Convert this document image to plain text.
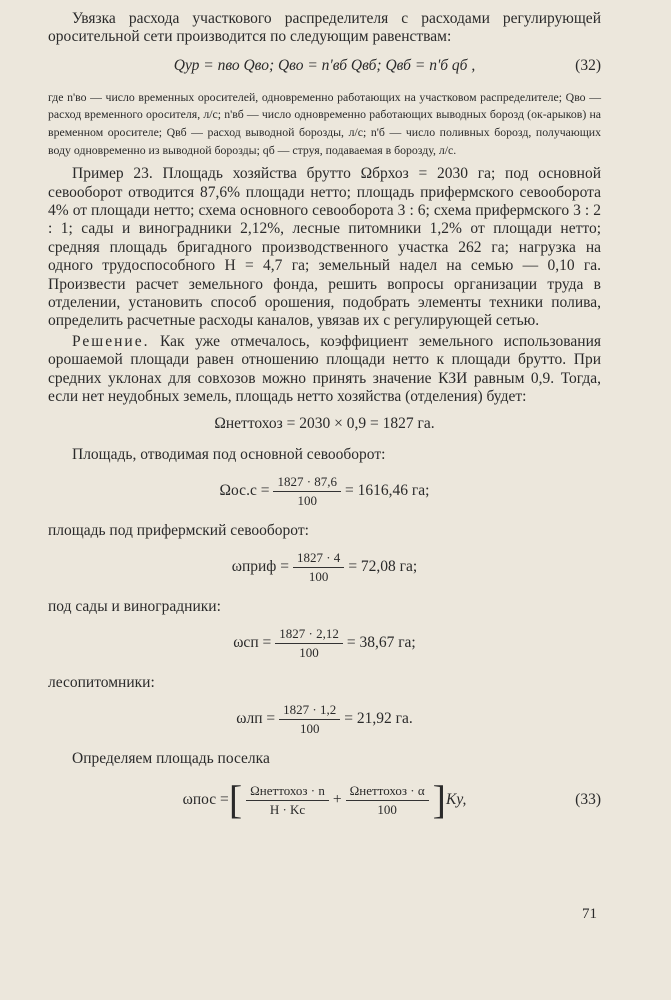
Увязка расхода участкового распределителя с расходами регулирующей оросительной сети производится по следующим равенствам:

Qур = nво Qво; Qво = n'вб Qвб; Qвб = n'б qб ,	(32)

где n'во — число временных оросителей, одновременно работающих на участковом распределителе; Qво — расход временного оросителя, л/с; n'вб — число одновременно работающих выводных борозд (ок-арыков) на временном оросителе; Qвб — расход выводной борозды, л/с; n'б — число поливных борозд, получающих воду одновременно из выводной борозды; qб — струя, подаваемая в борозду, л/с.

Пример 23. Площадь хозяйства брутто Ωбрхоз = 2030 га; под основной севооборот отводится 87,6% площади нетто; площадь прифермского севооборота 4% от площади нетто; схема основного севооборота 3 : 6; схема прифермского 3 : 2 : 1; сады и виноградники 2,12%, лесные питомники 1,2% от площади нетто; средняя площадь бригадного производственного участка 262 га; нагрузка на одного трудоспособного H = 4,7 га; земельный надел на семью — 0,10 га. Произвести расчет земельного фонда, решить вопросы организации труда в отделении, установить способ орошения, подобрать элементы техники полива, определить расчетные расходы каналов, увязав их с регулирующей сетью.

Решение. Как уже отмечалось, коэффициент земельного использования орошаемой площади равен отношению площади нетто к площади брутто. При средних уклонах для совхозов можно принять значение КЗИ равным 0,9. Тогда, если нет неудобных земель, площадь нетто хозяйства (отделения) будет:

Ωнеттохоз = 2030 × 0,9 = 1827 га.

Площадь, отводимая под основной севооборот:

$\Omega ос.с = \frac{1827 \cdot 87,6}{100} = 1616,46$ га;

площадь под прифермский севооборот:

ωприф = $\frac{1827 \cdot 4}{100} = 72,08$ га;

под сады и виноградники:

$\omega сп = \frac{1827 \cdot 2,12}{100} = 38,67$ га;

лесопитомники:

$\omega лп = \frac{1827 \cdot 1,2}{100} = 21,92$ га.

Определяем площадь поселка

ωпос = [ $\frac{\text{Ωнеттохоз · n}}{H \cdot Kс} + \frac{\text{Ωнеттохоз · α}}{100}$ ] Kу,	(33)
71
